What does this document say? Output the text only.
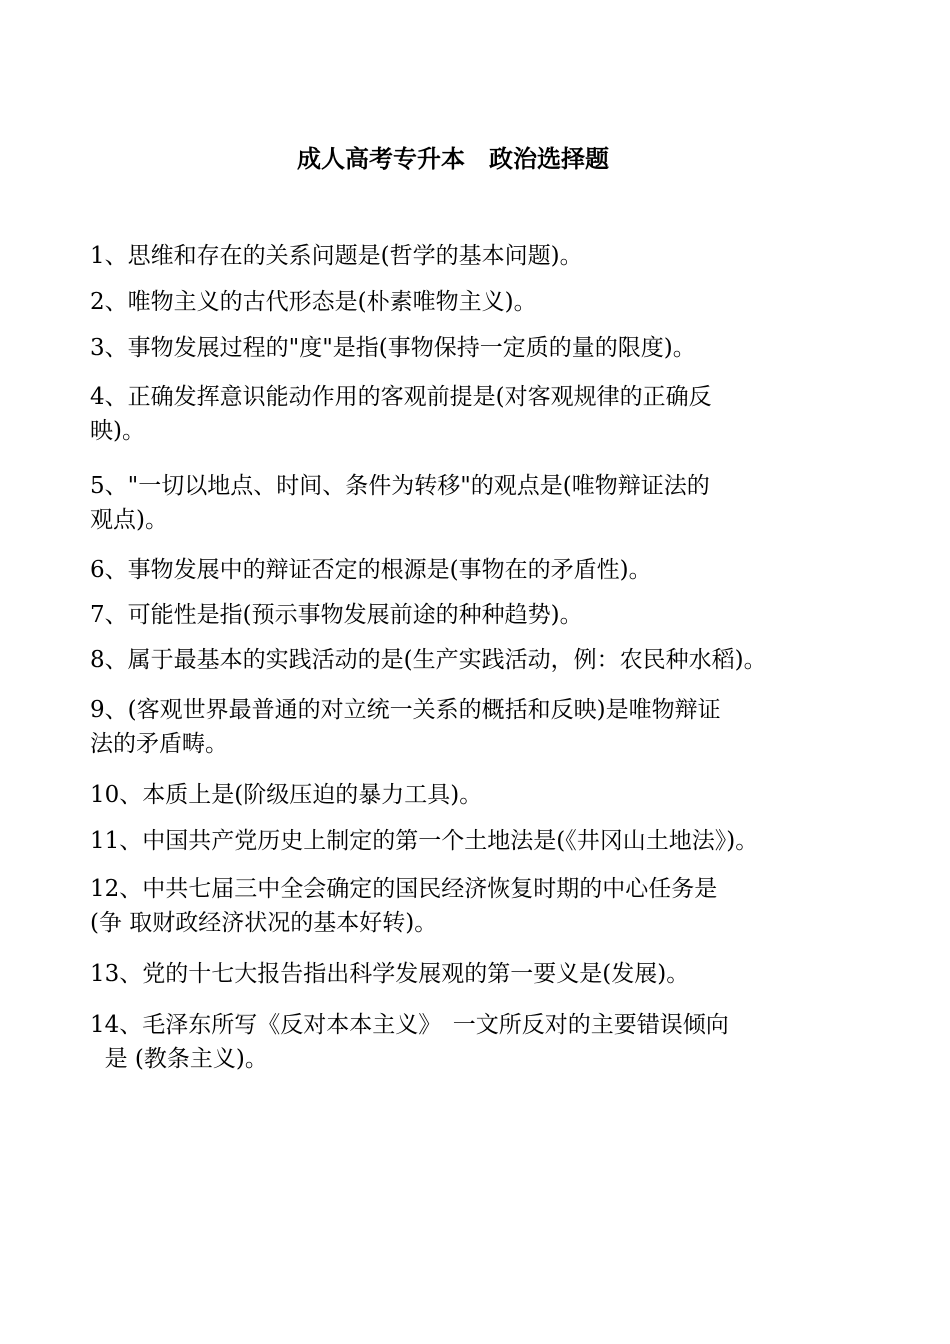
成人高考专升本　政治选择题
1、思维和存在的关系问题是(哲学的基本问题)。
2、唯物主义的古代形态是(朴素唯物主义)。
3、事物发展过程的"度"是指(事物保持一定质的量的限度)。
4、正确发挥意识能动作用的客观前提是(对客观规律的正确反
映)。
5、"一切以地点、时间、条件为转移"的观点是(唯物辩证法的
观点)。
6、事物发展中的辩证否定的根源是(事物在的矛盾性)。
7、可能性是指(预示事物发展前途的种种趋势)。
8、属于最基本的实践活动的是(生产实践活动，例：农民种水稻)。
9、(客观世界最普通的对立统一关系的概括和反映)是唯物辩证
法的矛盾畴。
10、本质上是(阶级压迫的暴力工具)。
11、中国共产党历史上制定的第一个土地法是(《井冈山土地法》)。
12、中共七届三中全会确定的国民经济恢复时期的中心任务是
(争 取财政经济状况的基本好转)。
13、党的十七大报告指出科学发展观的第一要义是(发展)。
14、毛泽东所写《反对本本主义》　一文所反对的主要错误倾向
是 (教条主义)。
